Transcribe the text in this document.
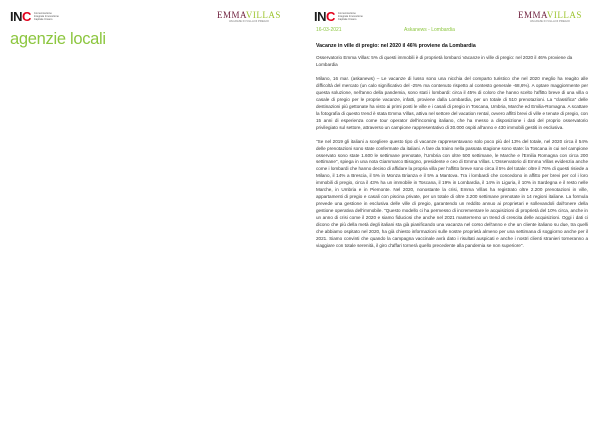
INC Comunicazione Integrata Innovazione Capitale Umano	EMMAVILLAS
VACANZE IN VILLA DI PREGIO
agenzie locali
INC Comunicazione Integrata Innovazione Capitale Umano	EMMAVILLAS
VACANZE IN VILLA DI PREGIO
16-03-2021	Askanews - Lombardia

Vacanze in ville di pregio: nel 2020 il 46% proviene da Lombardia

Osservatorio Emma Villas: 5% di questi immobili è di proprietà lombarci Vacanze in ville di pregio: nel 2020 il 46% proviene da Lombardia

Milano, 16 mar. (askanews) – Le vacanze di lusso sono una nicchia del comparto turistico che nel 2020 meglio ha reagito alle difficoltà del mercato (un calo significativo del -25% ma contenuto rispetto al contesto generale -68,6%). A optare maggiormente per questa soluzione, nell'anno della pandemia, sono stati i lombardi: circa il 45% di coloro che hanno scelto l'affitto breve di una villa o casale di pregio per le proprie vacanze, infatti, proviene dalla Lombardia, per un totale di 510 prenotazioni. La "classifica" delle destinazioni più gettonate ha visto ai primi posti le ville e i casali di pregio in Toscana, Umbria, Marche ed Emilia-Romagna. A scattare la fotografia di questo trend è stata Emma Villas, attiva nel settore del vacation rental, ovvero affitti brevi di ville e tenute di pregio, con 15 anni di esperienza come tour operator dell'incoming italiano, che ha messo a disposizione i dati del proprio osservatorio privilegiato sul settore, attraverso un campione rappresentativo di 30.000 ospiti all'anno e 430 immobili gestiti in esclusiva.

"Se nel 2019 gli italiani a scegliere questo tipo di vacanze rappresentavano solo poco più del 13% del totale, nel 2020 circa il 54% delle prenotazioni sono state confermate da italiani. A fare da traino nella passata stagione sono state: la Toscana in cui nel campione osservato sono state 1.600 le settimane prenotate, l'Umbria con oltre 500 settimane, le Marche e l'Emilia Romagna con circa 200 settimane", spiega in una nota Giammarco Bisogno, presidente e ceo di Emma Villas. L'Osservatorio di Emma Villas evidenzia anche come i lombardi che hanno deciso di affidare la propria villa per l'affitto breve sono circa il 5% del totale: oltre il 76% di questi risiede a Milano, il 14% a Brescia, il 5% in Monza Brianza e il 5% a Mantova. Tra i lombardi che concedono in affitto per brevi per col i loro immobili di pregio, circa il 43% ha un immobile in Toscana, il 19% in Lombardia, il 14% in Liguria, il 10% in Sardegna e il resto nelle Marche, in Umbria e in Piemonte. Nel 2020, nonostante la crisi, Emma Villas ha registrato oltre 2.200 prenotazioni in ville, appartamenti di pregio e casali con piscina private, per un totale di oltre 3.200 settimane prenotate in 14 regioni italiane. La formula prevede una gestione in esclusiva delle ville di pregio, garantendo un reddito annuo ai proprietari e sollevandoli dall'onere della gestione operativa dell'immobile. "Questo modello ci ha permesso di incrementare le acquisizioni di proprietà del 10% circa, anche in un anno di crisi come il 2020 e siamo fiduciosi che anche nel 2021 manterremo un trend di crescita delle acquisizioni. Oggi i dati ci dicono che più della metà degli italiani sta già pianificando una vacanza nel corso dell'anno e che un cliente italiano su due, tra quelli che abbiamo ospitato nel 2020, ha già chiesto informazioni sulle nostre proprietà almeno per una settimana di soggiorno anche per il 2021. Siamo convinti che quando la campagna vaccinale avrà dato i risultati auspicati e anche i nostri clienti stranieri torneranno a viaggiare con totale serenità, il giro d'affari tornerà quello precedente alla pandemia se non superiore".
